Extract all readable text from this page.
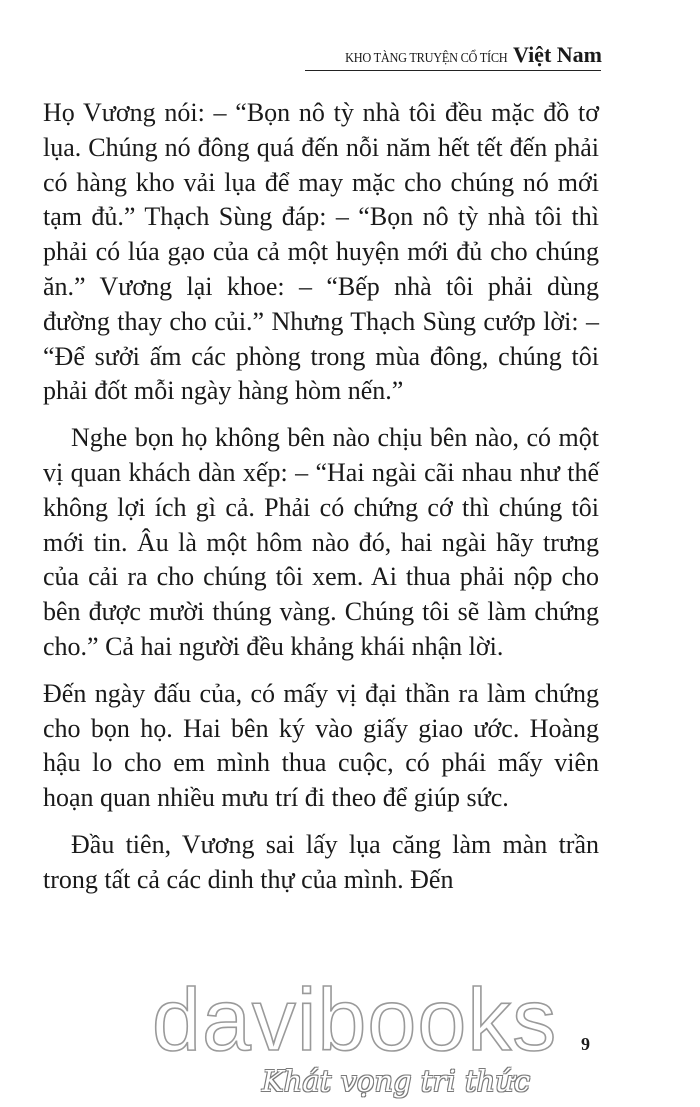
KHO TÀNG TRUYỆN CỔ TÍCH Việt Nam

Họ Vương nói: – “Bọn nô tỳ nhà tôi đều mặc đồ tơ lụa. Chúng nó đông quá đến nỗi năm hết tết đến phải có hàng kho vải lụa để may mặc cho chúng nó mới tạm đủ.” Thạch Sùng đáp: – “Bọn nô tỳ nhà tôi thì phải có lúa gạo của cả một huyện mới đủ cho chúng ăn.” Vương lại khoe: – “Bếp nhà tôi phải dùng đường thay cho củi.” Nhưng Thạch Sùng cướp lời: – “Để sưởi ấm các phòng trong mùa đông, chúng tôi phải đốt mỗi ngày hàng hòm nến.”

Nghe bọn họ không bên nào chịu bên nào, có một vị quan khách dàn xếp: – “Hai ngài cãi nhau như thế không lợi ích gì cả. Phải có chứng cớ thì chúng tôi mới tin. Âu là một hôm nào đó, hai ngài hãy trưng của cải ra cho chúng tôi xem. Ai thua phải nộp cho bên được mười thúng vàng. Chúng tôi sẽ làm chứng cho.” Cả hai người đều khảng khái nhận lời.

Đến ngày đấu của, có mấy vị đại thần ra làm chứng cho bọn họ. Hai bên ký vào giấy giao ước. Hoàng hậu lo cho em mình thua cuộc, có phái mấy viên hoạn quan nhiều mưu trí đi theo để giúp sức.

Đầu tiên, Vương sai lấy lụa căng làm màn trần trong tất cả các dinh thự của mình. Đến

9
davibooks
Khát vọng tri thức
